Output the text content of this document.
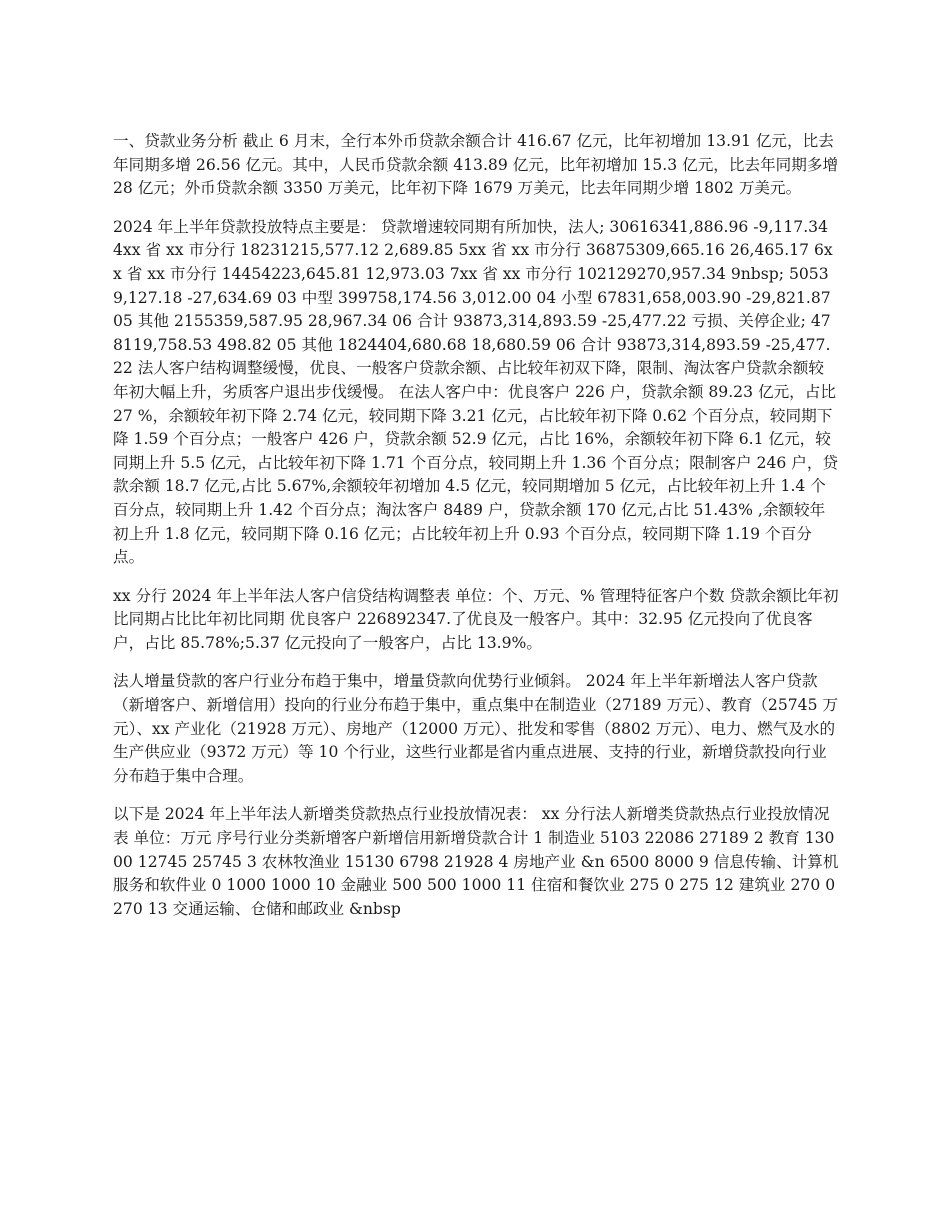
一、贷款业务分析 截止 6 月末，全行本外币贷款余额合计 416.67 亿元，比年初增加 13.91 亿元，比去年同期多增 26.56 亿元。其中，人民币贷款余额 413.89 亿元，比年初增加 15.3 亿元，比去年同期多增 28 亿元；外币贷款余额 3350 万美元，比年初下降 1679 万美元，比去年同期少增 1802 万美元。

2024 年上半年贷款投放特点主要是： 贷款增速较同期有所加快，法人; 30616341,886.96 -9,117.34 4xx 省 xx 市分行 18231215,577.12 2,689.85 5xx 省 xx 市分行 36875309,665.16 26,465.17 6xx 省 xx 市分行 14454223,645.81 12,973.03 7xx 省 xx 市分行 102129270,957.34 9nbsp; 50539,127.18 -27,634.69 03 中型 399758,174.56 3,012.00 04 小型 67831,658,003.90 -29,821.87 05 其他 2155359,587.95 28,967.34 06 合计 93873,314,893.59 -25,477.22 亏损、关停企业; 478119,758.53 498.82 05 其他 1824404,680.68 18,680.59 06 合计 93873,314,893.59 -25,477.22 法人客户结构调整缓慢，优良、一般客户贷款余额、占比较年初双下降，限制、淘汰客户贷款余额较年初大幅上升，劣质客户退出步伐缓慢。 在法人客户中：优良客户 226 户，贷款余额 89.23 亿元，占比 27 %，余额较年初下降 2.74 亿元，较同期下降 3.21 亿元，占比较年初下降 0.62 个百分点，较同期下降 1.59 个百分点；一般客户 426 户，贷款余额 52.9 亿元，占比 16%，余额较年初下降 6.1 亿元，较同期上升 5.5 亿元，占比较年初下降 1.71 个百分点，较同期上升 1.36 个百分点；限制客户 246 户，贷款余额 18.7 亿元,占比 5.67%,余额较年初增加 4.5 亿元，较同期增加 5 亿元，占比较年初上升 1.4 个百分点，较同期上升 1.42 个百分点；淘汰客户 8489 户，贷款余额 170 亿元,占比 51.43% ,余额较年初上升 1.8 亿元，较同期下降 0.16 亿元；占比较年初上升 0.93 个百分点，较同期下降 1.19 个百分点。

xx 分行 2024 年上半年法人客户信贷结构调整表 单位：个、万元、% 管理特征客户个数 贷款余额比年初比同期占比比年初比同期 优良客户 226892347.了优良及一般客户。其中：32.95 亿元投向了优良客户，占比 85.78%;5.37 亿元投向了一般客户，占比 13.9%。

法人增量贷款的客户行业分布趋于集中，增量贷款向优势行业倾斜。 2024 年上半年新增法人客户贷款（新增客户、新增信用）投向的行业分布趋于集中，重点集中在制造业（27189 万元）、教育（25745 万元）、xx 产业化（21928 万元）、房地产（12000 万元）、批发和零售（8802 万元）、电力、燃气及水的生产供应业（9372 万元）等 10 个行业，这些行业都是省内重点进展、支持的行业，新增贷款投向行业分布趋于集中合理。

以下是 2024 年上半年法人新增类贷款热点行业投放情况表： xx 分行法人新增类贷款热点行业投放情况表 单位：万元 序号行业分类新增客户新增信用新增贷款合计 1 制造业 5103 22086 27189 2 教育 13000 12745 25745 3 农林牧渔业 15130 6798 21928 4 房地产业 &n 6500 8000 9 信息传输、计算机服务和软件业 0 1000 1000 10 金融业 500 500 1000 11 住宿和餐饮业 275 0 275 12 建筑业 270 0 270 13 交通运输、仓储和邮政业 &nbsp
